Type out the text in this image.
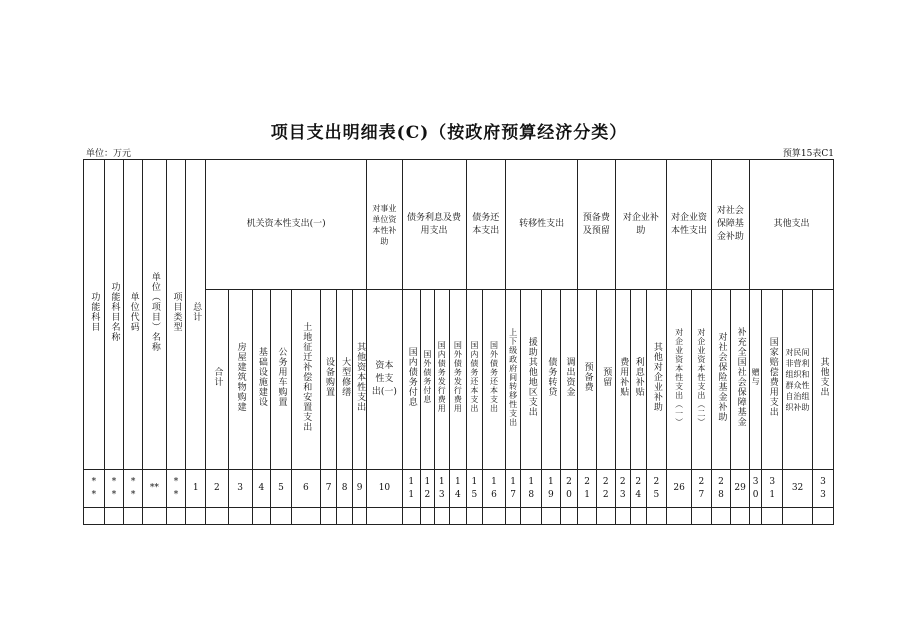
项目支出明细表(C)（按政府预算经济分类）
单位：万元	预算15表C1
功能科目	功能科目名称	单位代码	单位（项目）名称	项目类型	总计	机关资本性支出(一)								对事业单位资本性补助	债务利息及费用支出				债务还本支出		转移性支出				预备费及预留		对企业补助			对企业资本性支出		对社会保障基金补助		其他支出			
						合计	房屋建筑物购建	基础设施建设	公务用车购置	土地征迁补偿和安置支出	设备购置	大型修缮	其他资本性支出	资本性支出(一)	国内债务付息	国外债务付息	国内债务发行费用	国外债务发行费用	国内债务还本支出	国外债务还本支出	上下级政府间转移性支出	援助其他地区支出	债务转贷	调出资金	预备费	预留	费用补贴	利息补贴	其他对企业补助	对企业资本性支出（一）	对企业资本性支出（二）	对社会保险基金补助	补充全国社会保障基金	赠与	国家赔偿费用支出	对民间非营利组织和群众性自治组织补助	其他支出

**	**	**	**	**	1	2	3	4	5	6	7	8	9	10	11	12	13	14	15	16	17	18	19	20	21	22	23	24	25	26	27	28	29	30	31	32	33
